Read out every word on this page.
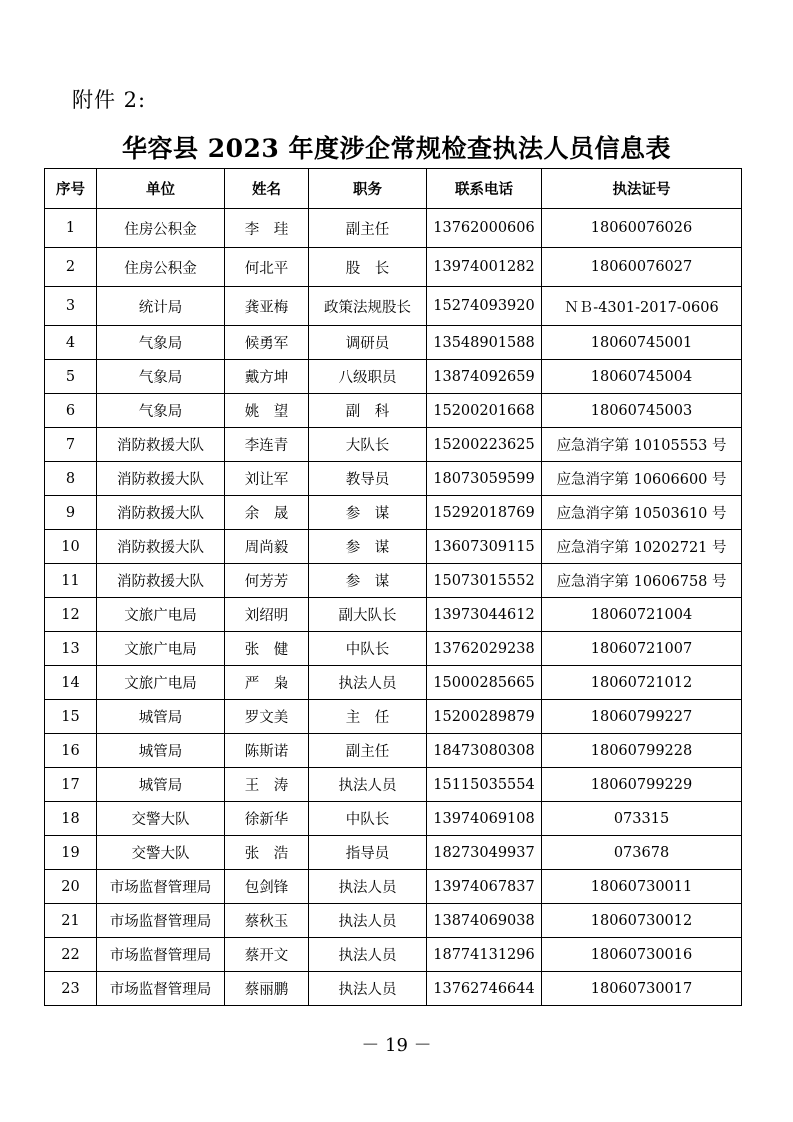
附件 2:
华容县 2023 年度涉企常规检查执法人员信息表
序号	单位	姓名	职务	联系电话	执法证号
1	住房公积金	李　珪	副主任	13762000606	18060076026
2	住房公积金	何北平	股　长	13974001282	18060076027
3	统计局	龚亚梅	政策法规股长	15274093920	ＮＢ-4301-2017-0606
4	气象局	候勇军	调研员	13548901588	18060745001
5	气象局	戴方坤	八级职员	13874092659	18060745004
6	气象局	姚　望	副　科	15200201668	18060745003
7	消防救援大队	李连青	大队长	15200223625	应急消字第 10105553 号
8	消防救援大队	刘让军	教导员	18073059599	应急消字第 10606600 号
9	消防救援大队	余　晟	参　谋	15292018769	应急消字第 10503610 号
10	消防救援大队	周尚毅	参　谋	13607309115	应急消字第 10202721 号
11	消防救援大队	何芳芳	参　谋	15073015552	应急消字第 10606758 号
12	文旅广电局	刘绍明	副大队长	13973044612	18060721004
13	文旅广电局	张　健	中队长	13762029238	18060721007
14	文旅广电局	严　枭	执法人员	15000285665	18060721012
15	城管局	罗文美	主　任	15200289879	18060799227
16	城管局	陈斯诺	副主任	18473080308	18060799228
17	城管局	王　涛	执法人员	15115035554	18060799229
18	交警大队	徐新华	中队长	13974069108	073315
19	交警大队	张　浩	指导员	18273049937	073678
20	市场监督管理局	包剑锋	执法人员	13974067837	18060730011
21	市场监督管理局	蔡秋玉	执法人员	13874069038	18060730012
22	市场监督管理局	蔡开文	执法人员	18774131296	18060730016
23	市场监督管理局	蔡丽鹏	执法人员	13762746644	18060730017
－ 19 －
